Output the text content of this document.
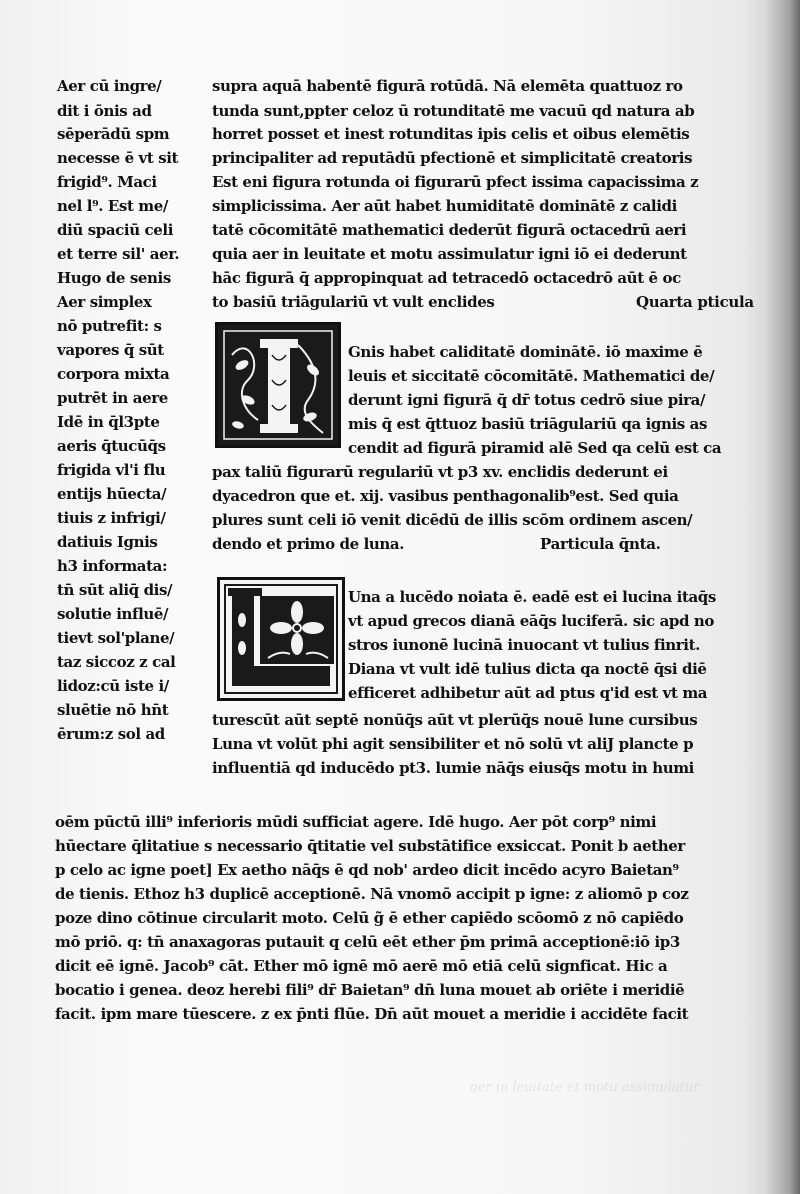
aer in leuitate et motu assimulatur
Aer cū ingre/
dit i ōnis ad
sēperādū spm
necesse ē vt sit
frigid⁹. Maci
nel l⁹. Est me/
diū spaciū celi
et terre sil' aer.
Hugo de senis
Aer simplex
nō putrefit: s
vapores q̄ sūt
corpora mixta
putrēt in aere
Idē in q̄l3pte
aeris q̄tucūq̄s
frigida vl'i flu
entijs hūecta/
tiuis z infrigi/
datiuis Ignis
h3 informata:
tn̄ sūt aliq̄ dis/
solutie influē/
tievt sol'plane/
taz siccoz z cal
lidoz:cū iste i/
sluētie nō hn̄t
ērum:z sol ad
supra aquā habentē figurā rotūdā. Nā elemēta quattuoz ro
tunda sunt,ppter celoz ū rotunditatē me vacuū qd natura ab
horret posset et inest rotunditas ipis celis et oibus elemētis
principaliter ad reputādū pfectionē et simplicitatē creatoris
Est eni figura rotunda oi figurarū pfect issima capacissima z
simplicissima. Aer aūt habet humiditatē dominātē z calidi
tatē cōcomitātē mathematici dederūt figurā octacedrū aeri
quia aer in leuitate et motu assimulatur igni iō ei dederunt
hāc figurā q̄ appropinquat ad tetracedō octacedrō aūt ē oc
to basiū triāgulariū vt vult enclides	Quarta pticula
Gnis habet caliditatē dominātē. iō maxime ē
leuis et siccitatē cōcomitātē. Mathematici de/
derunt igni figurā q̄ dr̄ totus cedrō siue pira/
mis q̄ est q̄ttuoz basiū triāgulariū qa ignis as
cendit ad figurā piramid alē Sed qa celū est ca
pax taliū figurarū regulariū vt p3 xv. enclidis dederunt ei
dyacedron que et. xij. vasibus penthagonalib⁹est. Sed quia
plures sunt celi iō venit dicēdū de illis scōm ordinem ascen/
dendo et primo de luna.	Particula q̄nta.
Una a lucēdo noiata ē. eadē est ei lucina itaq̄s
vt apud grecos dianā eāq̄s luciferā. sic apd no
stros iunonē lucinā inuocant vt tulius finrit.
Diana vt vult idē tulius dicta qa noctē q̄si diē
efficeret adhibetur aūt ad ptus q'id est vt ma
turescūt aūt septē nonūq̄s aūt vt plerūq̄s nouē lune cursibus
Luna vt volūt phi agit sensibiliter et nō solū vt aliJ plancte p
influentiā qd inducēdo pt3. lumie nāq̄s eiusq̄s motu in humi
oēm pūctū illi⁹ inferioris mūdi sufficiat agere. Idē hugo. Aer pōt corp⁹ nimi
hūectare q̄litatiue s necessario q̄titatie vel substātifice exsiccat. Ponit b aether
p celo ac igne poet] Ex aetho nāq̄s ē qd nob' ardeo dicit incēdo acyro Baietan⁹
de tienis. Ethoz h3 duplicē acceptionē. Nā vnomō accipit p igne: z aliomō p coz
poze dino cōtinue circularit moto. Celū g̃ ē ether capiēdo scōomō z nō capiēdo
mō priō. q: tn̄ anaxagoras putauit q celū eēt ether p̄m primā acceptionē:iō ip3
dicit eē ignē. Jacob⁹ cāt. Ether mō ignē mō aerē mō etiā celū signficat. Hic a
bocatio i genea. deoz herebi fili⁹ dr̄ Baietan⁹ dn̄ luna mouet ab oriēte i meridiē
facit. ipm mare tūescere. z ex p̄nti flūe. Dn̄ aūt mouet a meridie i accidēte facit
